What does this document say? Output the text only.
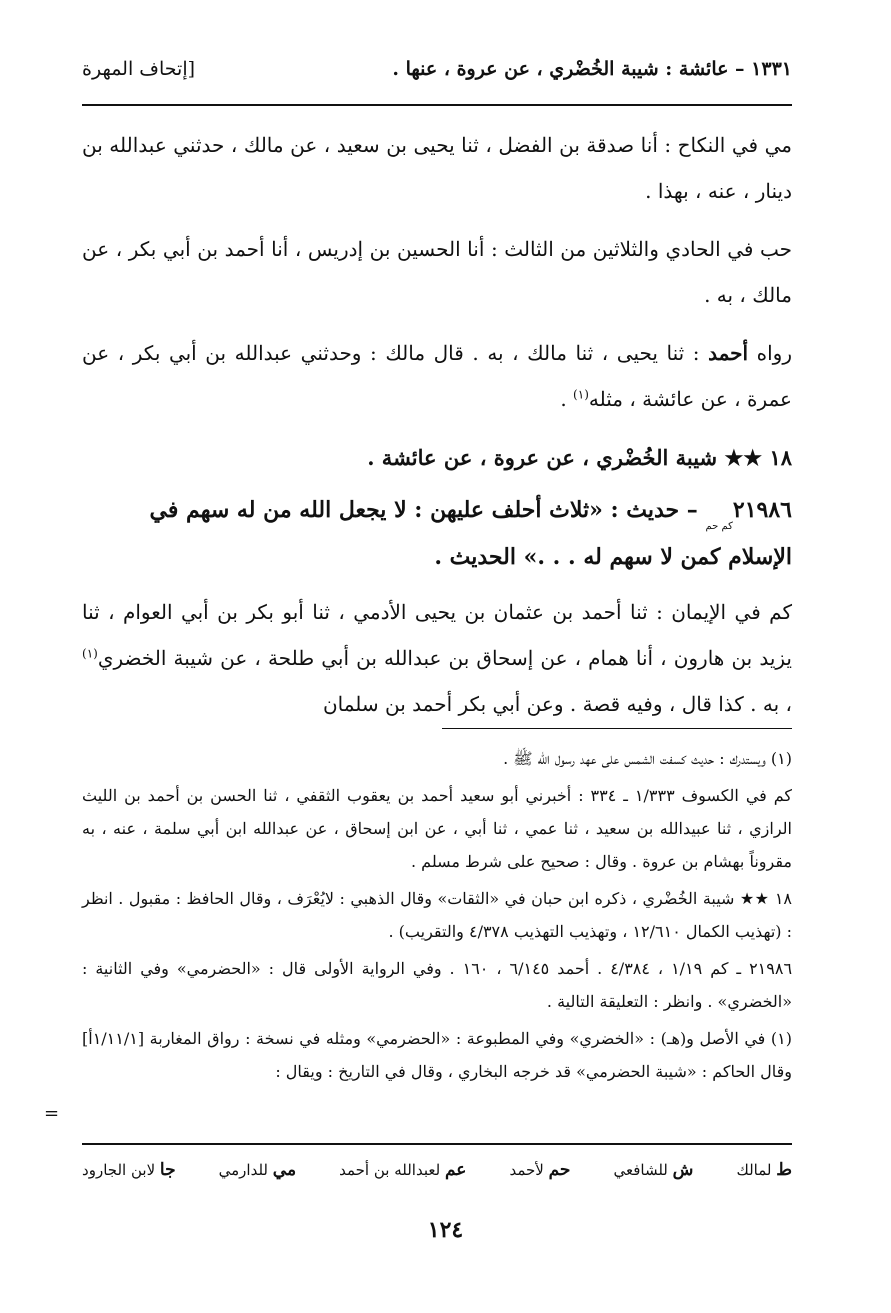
١٣٣١ – عائشة : شيبة الخُضْري ، عن عروة ، عنها .
[إتحاف المهرة

مي في النكاح : أنا صدقة بن الفضل ، ثنا يحيى بن سعيد ، عن مالك ، حدثني عبدالله بن دينار ، عنه ، بهذا .

حب في الحادي والثلاثين من الثالث : أنا الحسين بن إدريس ، أنا أحمد بن أبي بكر ، عن مالك ، به .

رواه أحمد : ثنا يحيى ، ثنا مالك ، به . قال مالك : وحدثني عبدالله بن أبي بكر ، عن عمرة ، عن عائشة ، مثله$^{(١)}$ .

١٨ ★★ شيبة الخُضْري ، عن عروة ، عن عائشة .
$٢١٩٨٦_{كم حم}$ – حديث : «ثلاث أحلف عليهن : لا يجعل الله من له سهم في
الإسلام كمن لا سهم له . . .» الحديث .

كم في الإيمان : ثنا أحمد بن عثمان بن يحيى الأدمي ، ثنا أبو بكر بن أبي العوام ، ثنا يزيد بن هارون ، أنا همام ، عن إسحاق بن عبدالله بن أبي طلحة ، عن شيبة الخضري$^{(١)}$ ، به . كذا قال ، وفيه قصة . وعن أبي بكر أحمد بن سلمان

(١) ويستدرك : حديث كسفت الشمس على عهد رسول الله ﷺ .

كم في الكسوف ١/٣٣٣ ـ ٣٣٤ : أخبرني أبو سعيد أحمد بن يعقوب الثقفي ، ثنا الحسن بن أحمد بن الليث الرازي ، ثنا عبيدالله بن سعيد ، ثنا عمي ، ثنا أبي ، عن ابن إسحاق ، عن عبدالله ابن أبي سلمة ، عنه ، به مقروناً بهشام بن عروة . وقال : صحيح على شرط مسلم .

١٨ ★★ شيبة الخُضْري ، ذكره ابن حبان في «الثقات» وقال الذهبي : لايُعْرَف ، وقال الحافظ : مقبول . انظر : (تهذيب الكمال ١٢/٦١٠ ، وتهذيب التهذيب ٤/٣٧٨ والتقريب) .

٢١٩٨٦ ـ كم ١/١٩ ، ٤/٣٨٤ . أحمد ٦/١٤٥ ، ١٦٠ . وفي الرواية الأولى قال : «الحضرمي» وفي الثانية : «الخضري» . وانظر : التعليقة التالية .

(١) في الأصل و(هـ) : «الخضري» وفي المطبوعة : «الحضرمي» ومثله في نسخة : رواق المغاربة [١/١١/١أ] وقال الحاكم : «شيبة الحضرمي» قد خرجه البخاري ، وقال في التاريخ : ويقال :

=
ط لمالك
ش للشافعي
حم لأحمد
عم لعبدالله بن أحمد
مي للدارمي
جا لابن الجارود
١٢٤
